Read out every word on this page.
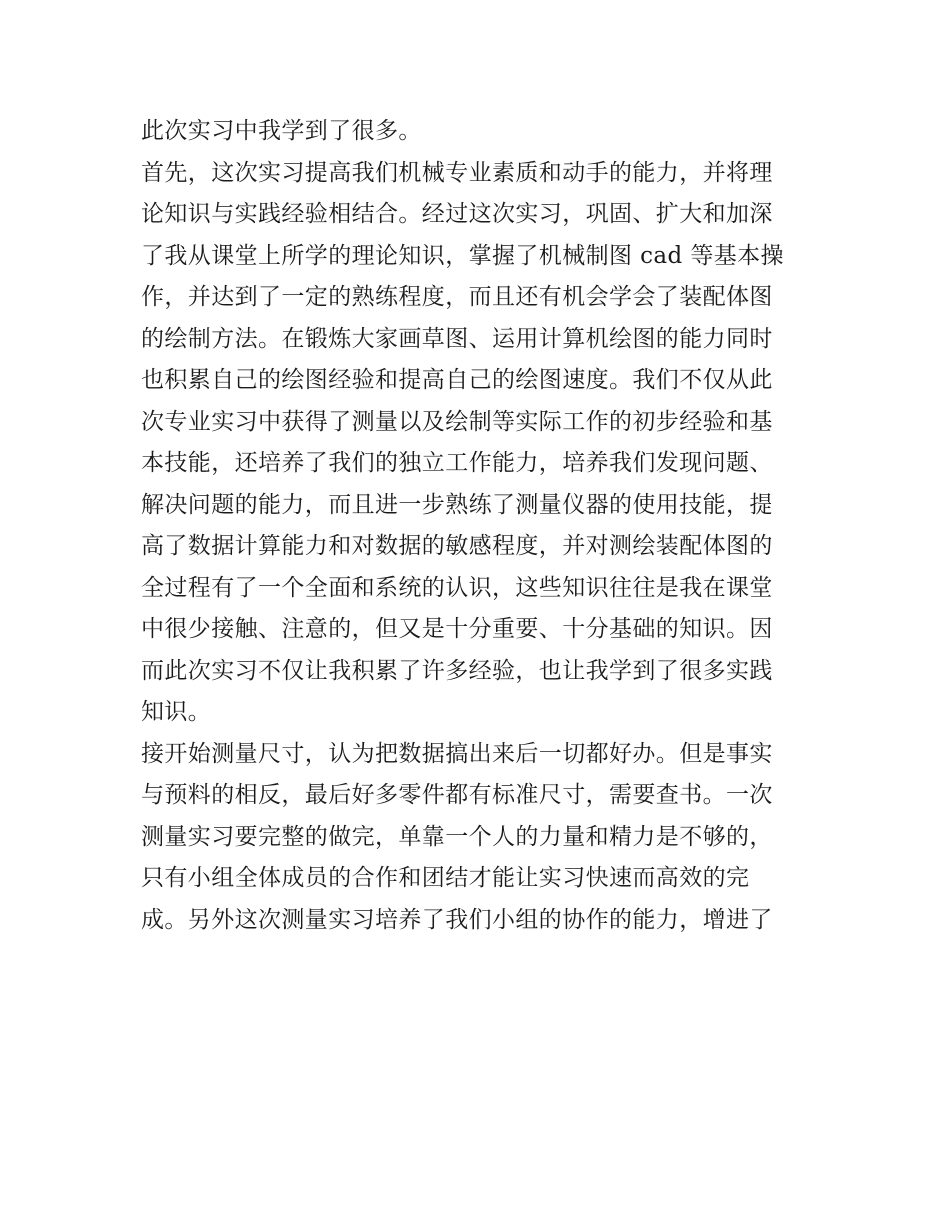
此次实习中我学到了很多。
首先，这次实习提高我们机械专业素质和动手的能力，并将理
论知识与实践经验相结合。经过这次实习，巩固、扩大和加深
了我从课堂上所学的理论知识，掌握了机械制图 cad 等基本操
作，并达到了一定的熟练程度，而且还有机会学会了装配体图
的绘制方法。在锻炼大家画草图、运用计算机绘图的能力同时
也积累自己的绘图经验和提高自己的绘图速度。我们不仅从此
次专业实习中获得了测量以及绘制等实际工作的初步经验和基
本技能，还培养了我们的独立工作能力，培养我们发现问题、
解决问题的能力，而且进一步熟练了测量仪器的使用技能，提
高了数据计算能力和对数据的敏感程度，并对测绘装配体图的
全过程有了一个全面和系统的认识，这些知识往往是我在课堂
中很少接触、注意的，但又是十分重要、十分基础的知识。因
而此次实习不仅让我积累了许多经验，也让我学到了很多实践
知识。
接开始测量尺寸，认为把数据搞出来后一切都好办。但是事实
与预料的相反，最后好多零件都有标准尺寸，需要查书。一次
测量实习要完整的做完，单靠一个人的力量和精力是不够的，
只有小组全体成员的合作和团结才能让实习快速而高效的完
成。另外这次测量实习培养了我们小组的协作的能力，增进了
